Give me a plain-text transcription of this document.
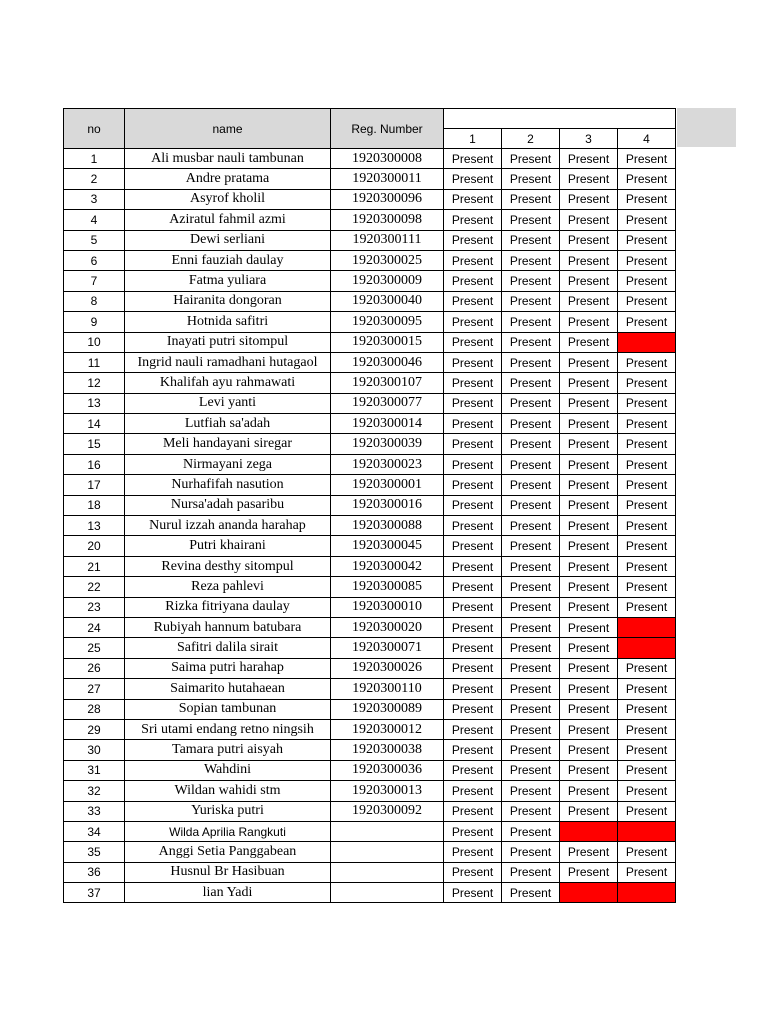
no	name	Reg. Number				
			1	2	3	4
1	Ali musbar nauli tambunan	1920300008	Present	Present	Present	Present
2	Andre pratama	1920300011	Present	Present	Present	Present
3	Asyrof kholil	1920300096	Present	Present	Present	Present
4	Aziratul fahmil azmi	1920300098	Present	Present	Present	Present
5	Dewi serliani	1920300111	Present	Present	Present	Present
6	Enni fauziah daulay	1920300025	Present	Present	Present	Present
7	Fatma yuliara	1920300009	Present	Present	Present	Present
8	Hairanita dongoran	1920300040	Present	Present	Present	Present
9	Hotnida safitri	1920300095	Present	Present	Present	Present
10	Inayati putri sitompul	1920300015	Present	Present	Present	
11	Ingrid nauli ramadhani hutagaol	1920300046	Present	Present	Present	Present
12	Khalifah ayu rahmawati	1920300107	Present	Present	Present	Present
13	Levi yanti	1920300077	Present	Present	Present	Present
14	Lutfiah sa'adah	1920300014	Present	Present	Present	Present
15	Meli handayani siregar	1920300039	Present	Present	Present	Present
16	Nirmayani zega	1920300023	Present	Present	Present	Present
17	Nurhafifah nasution	1920300001	Present	Present	Present	Present
18	Nursa'adah pasaribu	1920300016	Present	Present	Present	Present
13	Nurul izzah ananda harahap	1920300088	Present	Present	Present	Present
20	Putri khairani	1920300045	Present	Present	Present	Present
21	Revina desthy sitompul	1920300042	Present	Present	Present	Present
22	Reza pahlevi	1920300085	Present	Present	Present	Present
23	Rizka fitriyana daulay	1920300010	Present	Present	Present	Present
24	Rubiyah hannum batubara	1920300020	Present	Present	Present	
25	Safitri dalila sirait	1920300071	Present	Present	Present	
26	Saima putri harahap	1920300026	Present	Present	Present	Present
27	Saimarito hutahaean	1920300110	Present	Present	Present	Present
28	Sopian tambunan	1920300089	Present	Present	Present	Present
29	Sri utami endang retno ningsih	1920300012	Present	Present	Present	Present
30	Tamara putri aisyah	1920300038	Present	Present	Present	Present
31	Wahdini	1920300036	Present	Present	Present	Present
32	Wildan wahidi stm	1920300013	Present	Present	Present	Present
33	Yuriska putri	1920300092	Present	Present	Present	Present
34	Wilda Aprilia Rangkuti		Present	Present		
35	Anggi Setia Panggabean		Present	Present	Present	Present
36	Husnul Br Hasibuan		Present	Present	Present	Present
37	lian Yadi		Present	Present		
